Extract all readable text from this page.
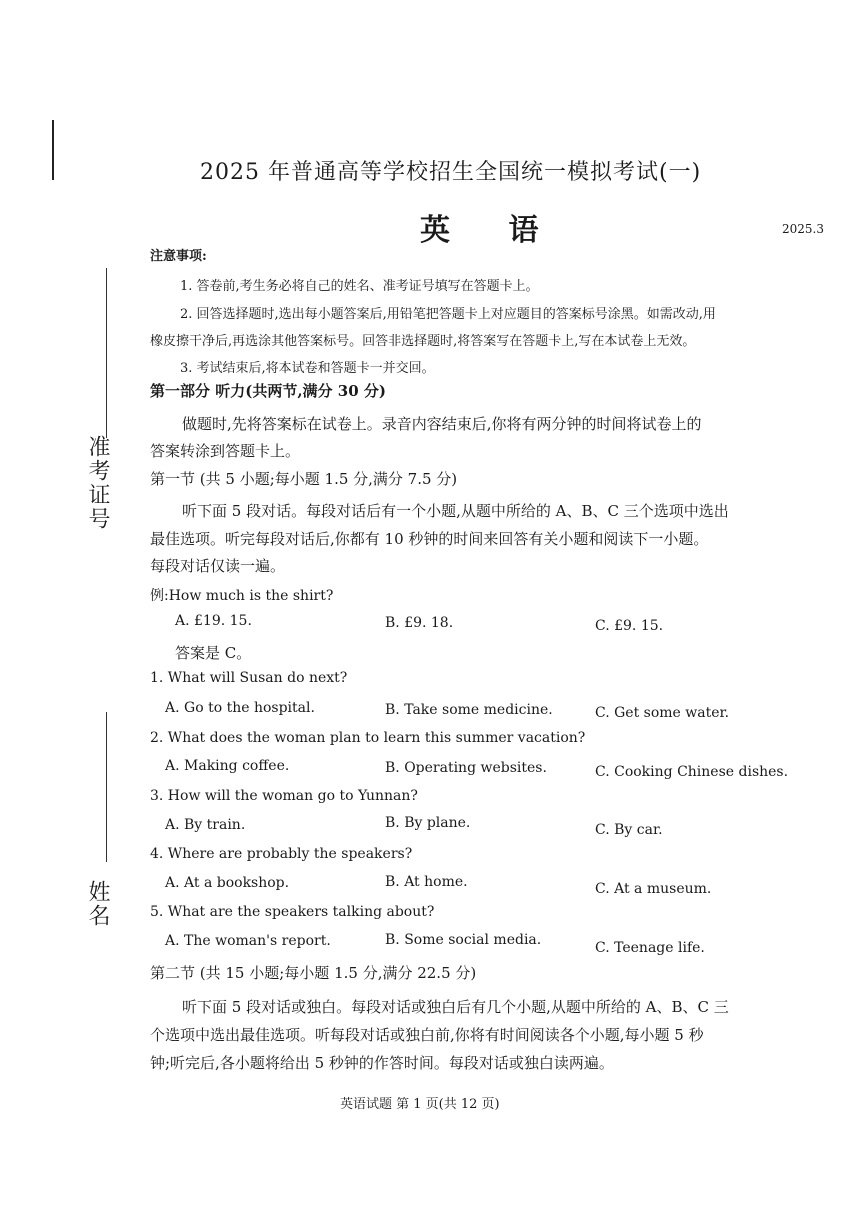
准考证号
姓名
2025 年普通高等学校招生全国统一模拟考试(一)
英 语	2025.3
注意事项:
1. 答卷前,考生务必将自己的姓名、准考证号填写在答题卡上。
2. 回答选择题时,选出每小题答案后,用铅笔把答题卡上对应题目的答案标号涂黑。如需改动,用
橡皮擦干净后,再选涂其他答案标号。回答非选择题时,将答案写在答题卡上,写在本试卷上无效。
3. 考试结束后,将本试卷和答题卡一并交回。
第一部分 听力(共两节,满分 30 分)
做题时,先将答案标在试卷上。录音内容结束后,你将有两分钟的时间将试卷上的
答案转涂到答题卡上。
第一节 (共 5 小题;每小题 1.5 分,满分 7.5 分)
听下面 5 段对话。每段对话后有一个小题,从题中所给的 A、B、C 三个选项中选出
最佳选项。听完每段对话后,你都有 10 秒钟的时间来回答有关小题和阅读下一小题。
每段对话仅读一遍。
例:How much is the shirt?
A. £19. 15.	B. £9. 18.	C. £9. 15.
答案是 C。
1. What will Susan do next?
A. Go to the hospital.	B. Take some medicine.	C. Get some water.
2. What does the woman plan to learn this summer vacation?
A. Making coffee.	B. Operating websites.	C. Cooking Chinese dishes.
3. How will the woman go to Yunnan?
A. By train.	B. By plane.	C. By car.
4. Where are probably the speakers?
A. At a bookshop.	B. At home.	C. At a museum.
5. What are the speakers talking about?
A. The woman's report.	B. Some social media.	C. Teenage life.
第二节 (共 15 小题;每小题 1.5 分,满分 22.5 分)
听下面 5 段对话或独白。每段对话或独白后有几个小题,从题中所给的 A、B、C 三
个选项中选出最佳选项。听每段对话或独白前,你将有时间阅读各个小题,每小题 5 秒
钟;听完后,各小题将给出 5 秒钟的作答时间。每段对话或独白读两遍。
英语试题 第 1 页(共 12 页)
